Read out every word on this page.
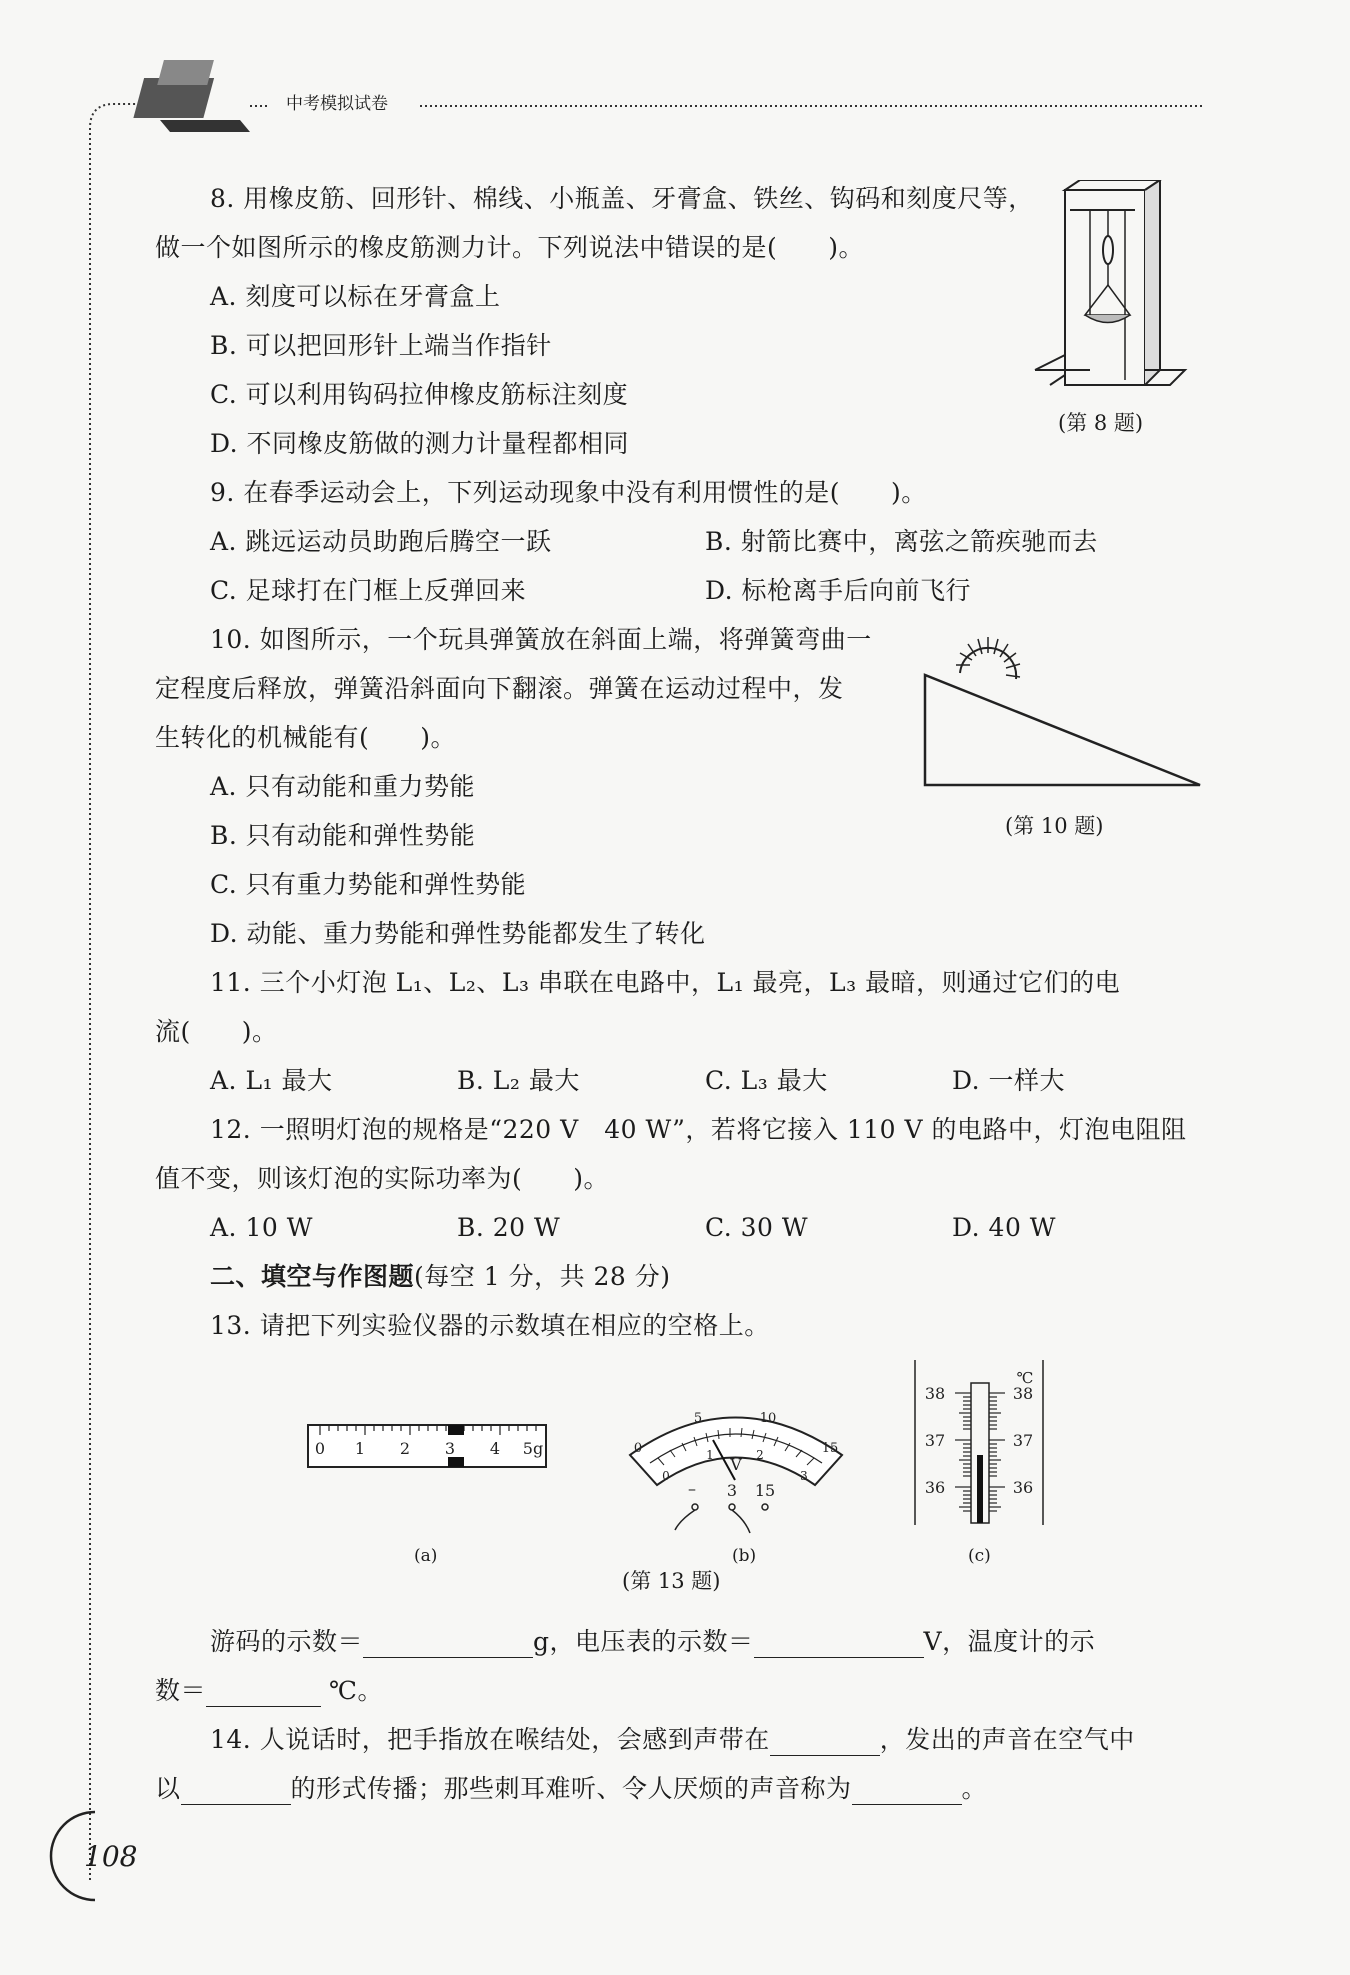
中考模拟试卷
108
8. 用橡皮筋、回形针、棉线、小瓶盖、牙膏盒、铁丝、钩码和刻度尺等，
做一个如图所示的橡皮筋测力计。下列说法中错误的是(　　)。
A. 刻度可以标在牙膏盒上
B. 可以把回形针上端当作指针
C. 可以利用钩码拉伸橡皮筋标注刻度
D. 不同橡皮筋做的测力计量程都相同
(第 8 题)
9. 在春季运动会上，下列运动现象中没有利用惯性的是(　　)。
A. 跳远运动员助跑后腾空一跃	B. 射箭比赛中，离弦之箭疾驰而去
C. 足球打在门框上反弹回来	D. 标枪离手后向前飞行
10. 如图所示，一个玩具弹簧放在斜面上端，将弹簧弯曲一
定程度后释放，弹簧沿斜面向下翻滚。弹簧在运动过程中，发
生转化的机械能有(　　)。
A. 只有动能和重力势能
B. 只有动能和弹性势能
C. 只有重力势能和弹性势能
D. 动能、重力势能和弹性势能都发生了转化
(第 10 题)
11. 三个小灯泡 L₁、L₂、L₃ 串联在电路中，L₁ 最亮，L₃ 最暗，则通过它们的电
流(　　)。
A. L₁ 最大	B. L₂ 最大	C. L₃ 最大	D. 一样大
12. 一照明灯泡的规格是“220 V　40 W”，若将它接入 110 V 的电路中，灯泡电阻阻
值不变，则该灯泡的实际功率为(　　)。
A. 10 W	B. 20 W	C. 30 W	D. 40 W
二、填空与作图题(每空 1 分，共 28 分)
13. 请把下列实验仪器的示数填在相应的空格上。
0 1 2 3 4 5g	0
5	10
15
0
1	2
3
V
– 3 15
℃
38
37
36
38
37
36
(a)	(b)	(c)
(第 13 题)
游码的示数＝	g，电压表的示数＝	V，温度计的示
数＝	℃。
14. 人说话时，把手指放在喉结处，会感到声带在	，发出的声音在空气中
以	的形式传播；那些刺耳难听、令人厌烦的声音称为	。
